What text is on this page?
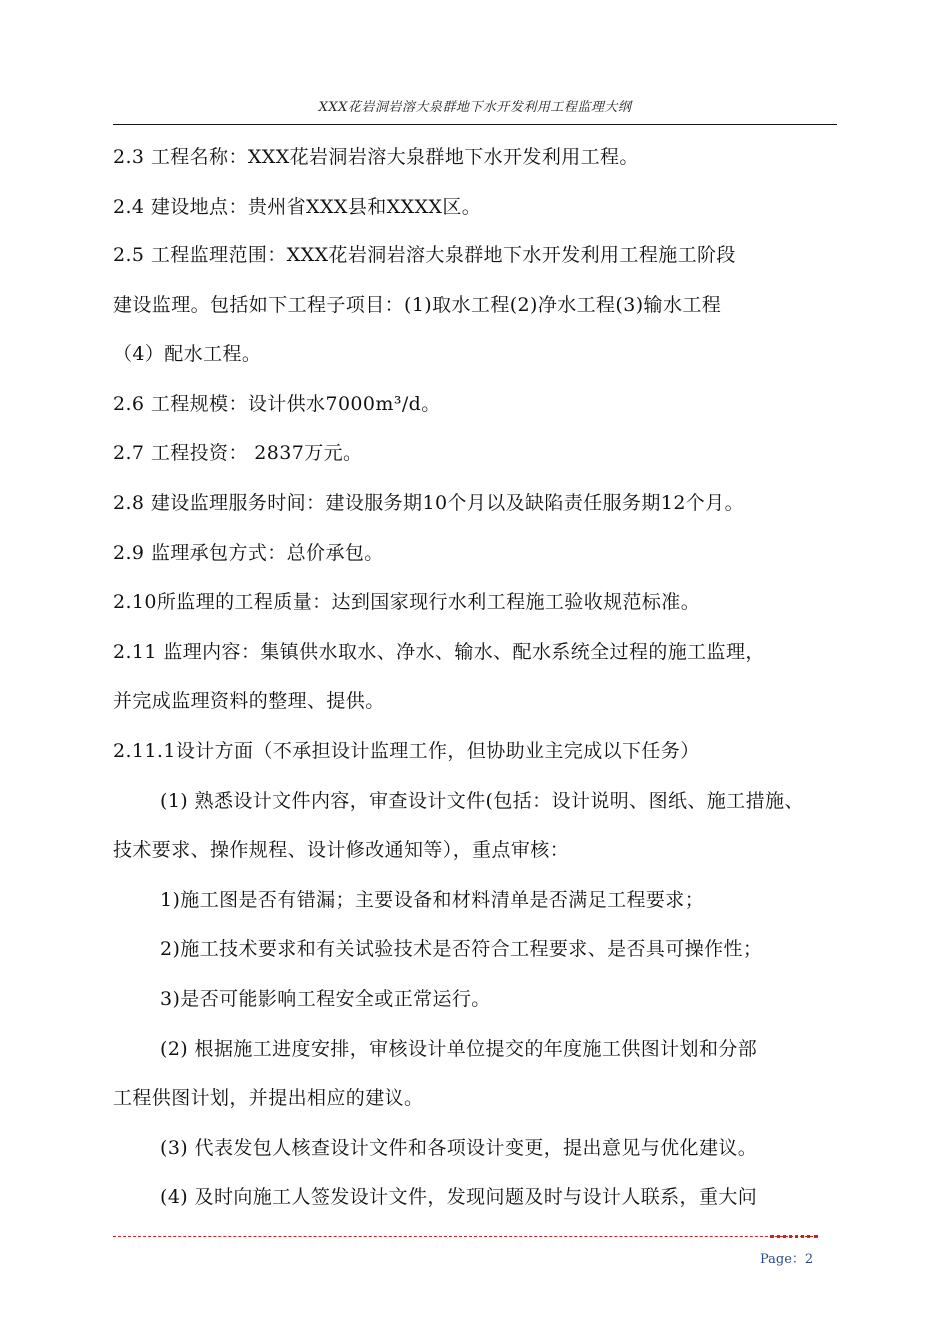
XXX花岩洞岩溶大泉群地下水开发利用工程监理大纲
2.3 工程名称：XXX花岩洞岩溶大泉群地下水开发利用工程。
2.4 建设地点：贵州省XXX县和XXXX区。
2.5 工程监理范围：XXX花岩洞岩溶大泉群地下水开发利用工程施工阶段
建设监理。包括如下工程子项目：(1)取水工程(2)净水工程(3)输水工程
（4）配水工程。
2.6 工程规模：设计供水7000m³/d。
2.7 工程投资： 2837万元。
2.8 建设监理服务时间：建设服务期10个月以及缺陷责任服务期12个月。
2.9 监理承包方式：总价承包。
2.10所监理的工程质量：达到国家现行水利工程施工验收规范标准。
2.11 监理内容：集镇供水取水、净水、输水、配水系统全过程的施工监理，
并完成监理资料的整理、提供。
2.11.1设计方面（不承担设计监理工作，但协助业主完成以下任务）
(1) 熟悉设计文件内容，审查设计文件(包括：设计说明、图纸、施工措施、
技术要求、操作规程、设计修改通知等），重点审核：
1)施工图是否有错漏；主要设备和材料清单是否满足工程要求；
2)施工技术要求和有关试验技术是否符合工程要求、是否具可操作性；
3)是否可能影响工程安全或正常运行。
(2) 根据施工进度安排，审核设计单位提交的年度施工供图计划和分部
工程供图计划，并提出相应的建议。
(3) 代表发包人核查设计文件和各项设计变更，提出意见与优化建议。
(4) 及时向施工人签发设计文件，发现问题及时与设计人联系，重大问
Page：2
